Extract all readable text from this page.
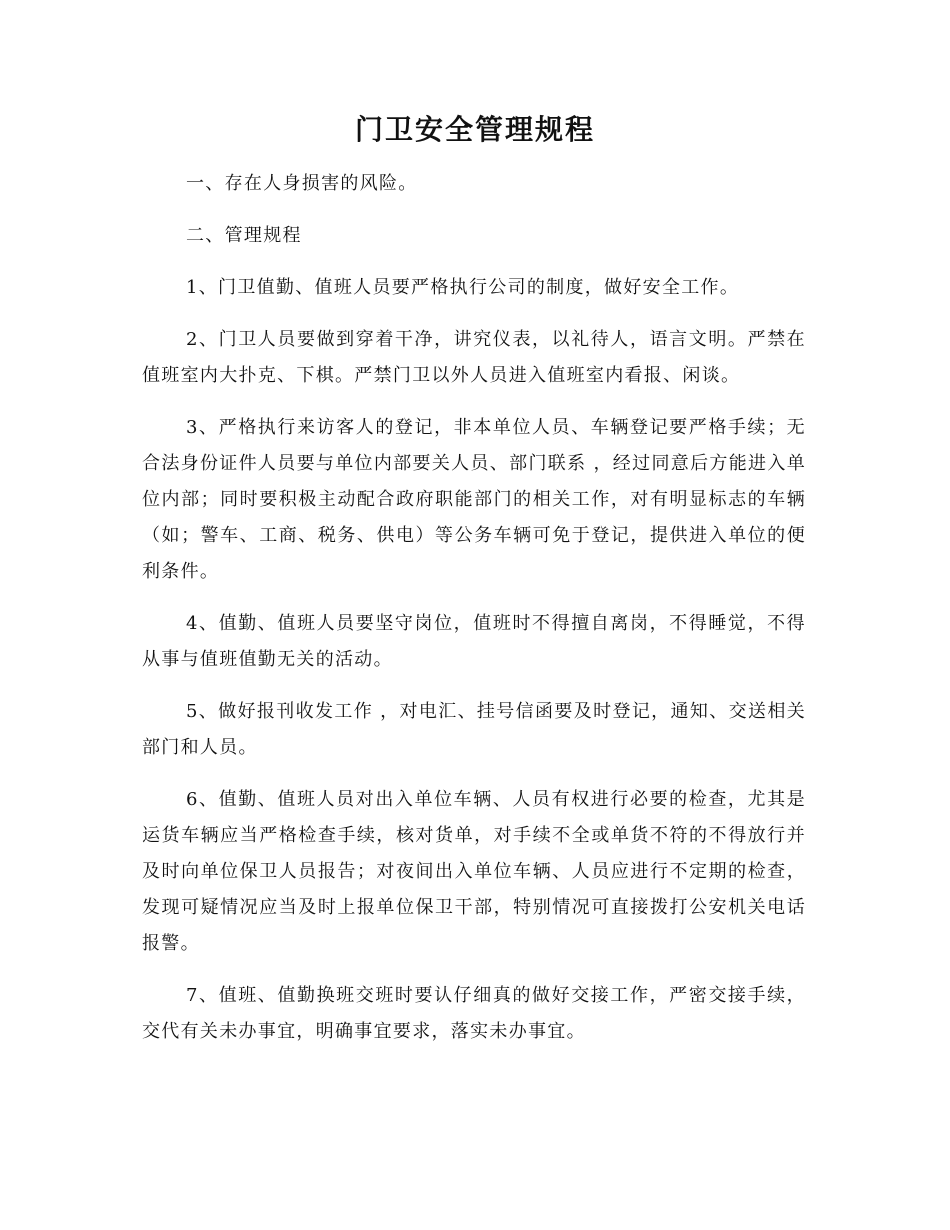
门卫安全管理规程

一、存在人身损害的风险。

二、管理规程

1、门卫值勤、值班人员要严格执行公司的制度，做好安全工作。

2、门卫人员要做到穿着干净，讲究仪表，以礼待人，语言文明。严禁在值班室内大扑克、下棋。严禁门卫以外人员进入值班室内看报、闲谈。

3、严格执行来访客人的登记，非本单位人员、车辆登记要严格手续；无合法身份证件人员要与单位内部要关人员、部门联系 ，经过同意后方能进入单位内部；同时要积极主动配合政府职能部门的相关工作，对有明显标志的车辆（如；警车、工商、税务、供电）等公务车辆可免于登记，提供进入单位的便利条件。

4、值勤、值班人员要坚守岗位，值班时不得擅自离岗，不得睡觉，不得从事与值班值勤无关的活动。

5、做好报刊收发工作 ，对电汇、挂号信函要及时登记，通知、交送相关部门和人员。

6、值勤、值班人员对出入单位车辆、人员有权进行必要的检查，尤其是运货车辆应当严格检查手续，核对货单，对手续不全或单货不符的不得放行并及时向单位保卫人员报告；对夜间出入单位车辆、人员应进行不定期的检查，发现可疑情况应当及时上报单位保卫干部，特别情况可直接拨打公安机关电话报警。

7、值班、值勤换班交班时要认仔细真的做好交接工作，严密交接手续，交代有关未办事宜，明确事宜要求，落实未办事宜。
